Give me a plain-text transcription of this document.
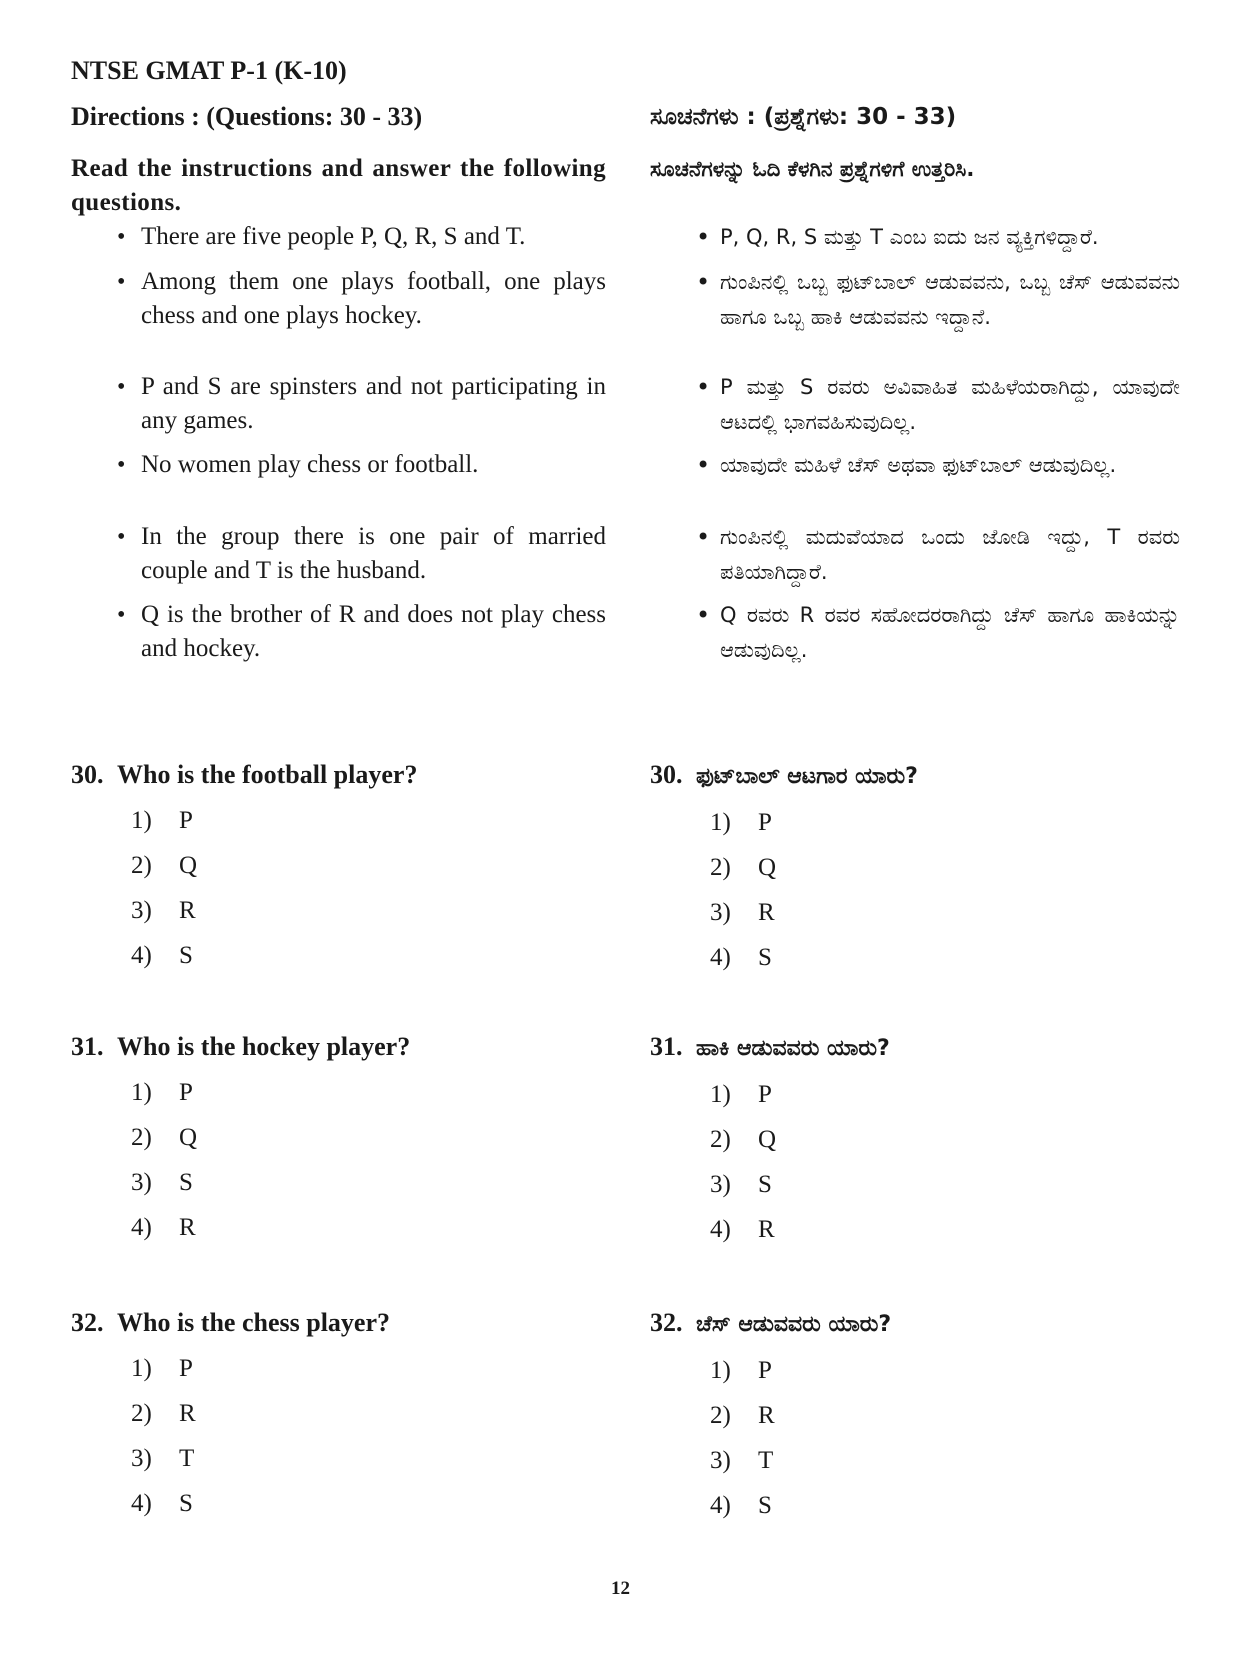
NTSE GMAT P-1 (K-10)
Directions : (Questions: 30 - 33)
Read the instructions and answer the following questions.
• There are five people P, Q, R, S and T.
• Among them one plays football, one plays chess and one plays hockey.
• P and S are spinsters and not participating in any games.
• No women play chess or football.
• In the group there is one pair of married couple and T is the husband.
• Q is the brother of R and does not play chess and hockey.
ಸೂಚನೆಗಳು : (ಪ್ರಶ್ನೆಗಳು: 30 - 33)
ಸೂಚನೆಗಳನ್ನು ಓದಿ ಕೆಳಗಿನ ಪ್ರಶ್ನೆಗಳಿಗೆ ಉತ್ತರಿಸಿ.
• P, Q, R, S ಮತ್ತು T ಎಂಬ ಐದು ಜನ ವ್ಯಕ್ತಿಗಳಿದ್ದಾರೆ.
• ಗುಂಪಿನಲ್ಲಿ ಒಬ್ಬ ಫುಟ್‌ಬಾಲ್ ಆಡುವವನು, ಒಬ್ಬ ಚೆಸ್ ಆಡುವವನು ಹಾಗೂ ಒಬ್ಬ ಹಾಕಿ ಆಡುವವನು ಇದ್ದಾನೆ.
• P ಮತ್ತು S ರವರು ಅವಿವಾಹಿತ ಮಹಿಳೆಯರಾಗಿದ್ದು, ಯಾವುದೇ ಆಟದಲ್ಲಿ ಭಾಗವಹಿಸುವುದಿಲ್ಲ.
• ಯಾವುದೇ ಮಹಿಳೆ ಚೆಸ್ ಅಥವಾ ಫುಟ್‌ಬಾಲ್ ಆಡುವುದಿಲ್ಲ.
• ಗುಂಪಿನಲ್ಲಿ ಮದುವೆಯಾದ ಒಂದು ಜೋಡಿ ಇದ್ದು, T ರವರು ಪತಿಯಾಗಿದ್ದಾರೆ.
• Q ರವರು R ರವರ ಸಹೋದರರಾಗಿದ್ದು ಚೆಸ್ ಹಾಗೂ ಹಾಕಿಯನ್ನು ಆಡುವುದಿಲ್ಲ.
30. Who is the football player?
1) P
2) Q
3) R
4) S
31. Who is the hockey player?
1) P
2) Q
3) S
4) R
32. Who is the chess player?
1) P
2) R
3) T
4) S
30. ಫುಟ್‌ಬಾಲ್ ಆಟಗಾರ ಯಾರು?
1) P
2) Q
3) R
4) S
31. ಹಾಕಿ ಆಡುವವರು ಯಾರು?
1) P
2) Q
3) S
4) R
32. ಚೆಸ್ ಆಡುವವರು ಯಾರು?
1) P
2) R
3) T
4) S
12
